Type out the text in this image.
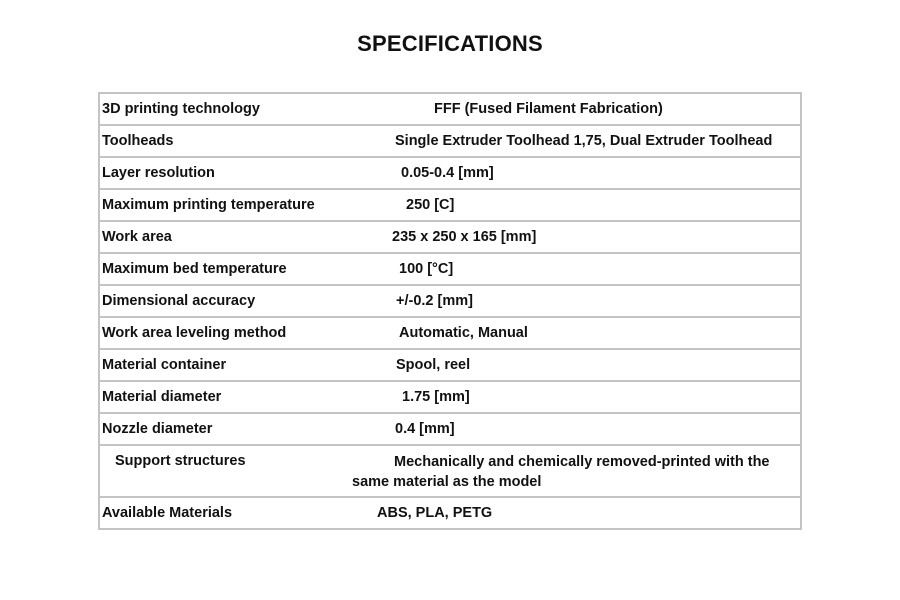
SPECIFICATIONS
3D printing technology	FFF (Fused Filament Fabrication)

Toolheads	Single Extruder Toolhead 1,75, Dual Extruder Toolhead

Layer resolution	0.05-0.4 [mm]

Maximum printing temperature	250 [C]

Work area	235 x 250 x 165 [mm]

Maximum bed temperature	100 [°C]

Dimensional accuracy	+/-0.2 [mm]

Work area leveling method	Automatic, Manual

Material container	Spool, reel

Material diameter	1.75 [mm]

Nozzle diameter	0.4 [mm]

Support structures	Mechanically and chemically removed-printed with the same material as the model

Available Materials	ABS, PLA, PETG
